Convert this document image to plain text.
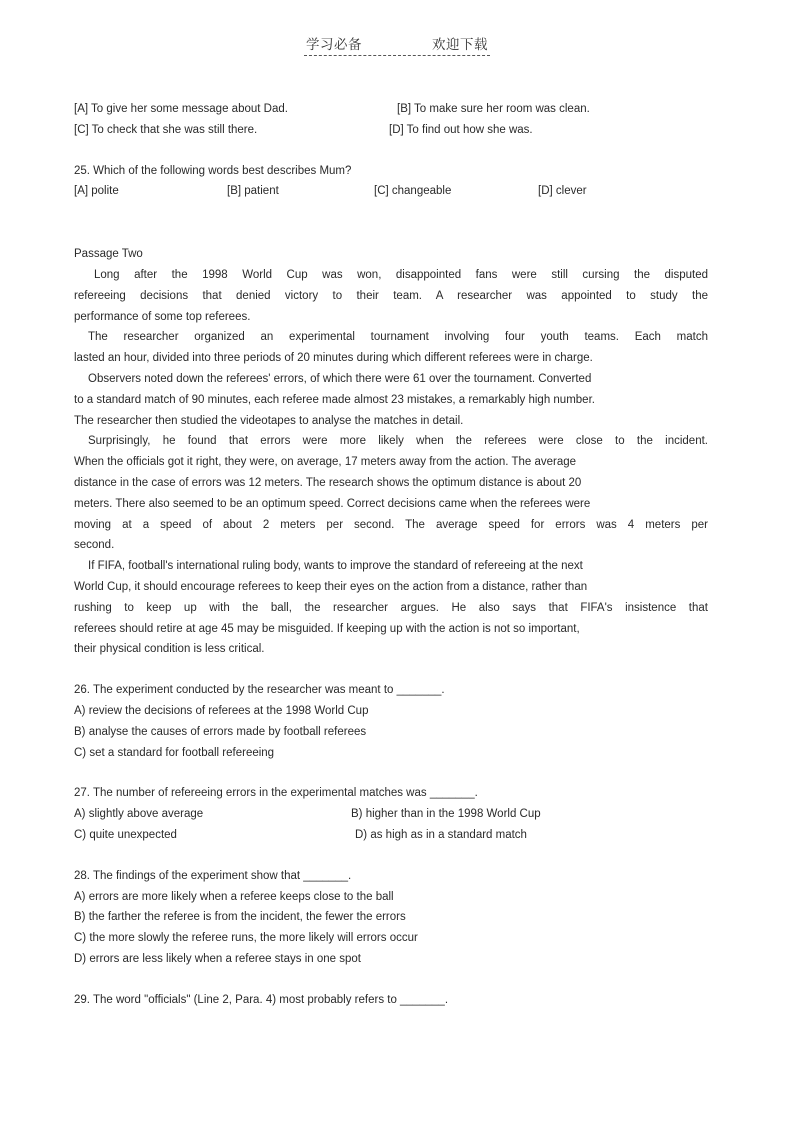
学习必备	欢迎下载
[A] To give her some message about Dad.	[B] To make sure her room was clean.
[C] To check that she was still there.	[D] To find out how she was.
25. Which of the following words best describes Mum?
[A] polite	[B] patient	[C] changeable	[D] clever
Passage Two
Long after the 1998 World Cup was won, disappointed fans were still cursing the disputed
refereeing decisions that denied victory to their team. A researcher was appointed to study the
performance of some top referees.
The researcher organized an experimental tournament involving four youth teams. Each match
lasted an hour, divided into three periods of 20 minutes during which different referees were in charge.
Observers noted down the referees' errors, of which there were 61 over the tournament. Converted
to a standard match of 90 minutes, each referee made almost 23 mistakes, a remarkably high number.
The researcher then studied the videotapes to analyse the matches in detail.
Surprisingly, he found that errors were more likely when the referees were close to the incident.
When the officials got it right, they were, on average, 17 meters away from the action. The average
distance in the case of errors was 12 meters. The research shows the optimum distance is about 20
meters. There also seemed to be an optimum speed. Correct decisions came when the referees were
moving at a speed of about 2 meters per second. The average speed for errors was 4 meters per
second.
If FIFA, football's international ruling body, wants to improve the standard of refereeing at the next
World Cup, it should encourage referees to keep their eyes on the action from a distance, rather than
rushing to keep up with the ball, the researcher argues. He also says that FIFA's insistence that
referees should retire at age 45 may be misguided. If keeping up with the action is not so important,
their physical condition is less critical.
26. The experiment conducted by the researcher was meant to _______.
A) review the decisions of referees at the 1998 World Cup
B) analyse the causes of errors made by football referees
C) set a standard for football refereeing
27. The number of refereeing errors in the experimental matches was _______.
A) slightly above average	B) higher than in the 1998 World Cup
C) quite unexpected	D) as high as in a standard match
28. The findings of the experiment show that _______.
A) errors are more likely when a referee keeps close to the ball
B) the farther the referee is from the incident, the fewer the errors
C) the more slowly the referee runs, the more likely will errors occur
D) errors are less likely when a referee stays in one spot
29. The word "officials" (Line 2, Para. 4) most probably refers to _______.
